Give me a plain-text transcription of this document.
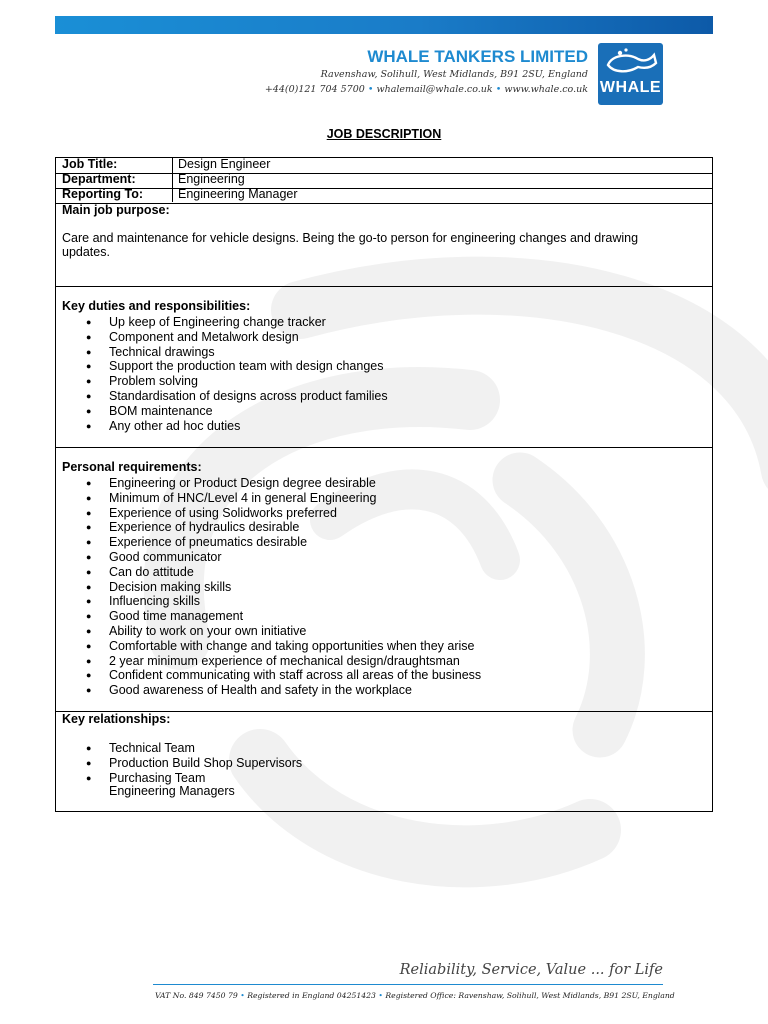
WHALE TANKERS LIMITED
Ravenshaw, Solihull, West Midlands, B91 2SU, England
+44(0)121 704 5700 • whalemail@whale.co.uk • www.whale.co.uk WHALE
JOB DESCRIPTION
Job Title:	Design Engineer
Department:	Engineering
Reporting To:	Engineering Manager
Main job purpose:
Care and maintenance for vehicle designs. Being the go-to person for engineering changes and drawing updates.
Key duties and responsibilities:
● Up keep of Engineering change tracker
● Component and Metalwork design
● Technical drawings
● Support the production team with design changes
● Problem solving
● Standardisation of designs across product families
● BOM maintenance
● Any other ad hoc duties
Personal requirements:
● Engineering or Product Design degree desirable
● Minimum of HNC/Level 4 in general Engineering
● Experience of using Solidworks preferred
● Experience of hydraulics desirable
● Experience of pneumatics desirable
● Good communicator
● Can do attitude
● Decision making skills
● Influencing skills
● Good time management
● Ability to work on your own initiative
● Comfortable with change and taking opportunities when they arise
● 2 year minimum experience of mechanical design/draughtsman
● Confident communicating with staff across all areas of the business
● Good awareness of Health and safety in the workplace
Key relationships:
● Technical Team
● Production Build Shop Supervisors
● Purchasing Team
Engineering Managers
Reliability, Service, Value ... for Life
VAT No. 849 7450 79 • Registered in England 04251423 • Registered Office: Ravenshaw, Solihull, West Midlands, B91 2SU, England
